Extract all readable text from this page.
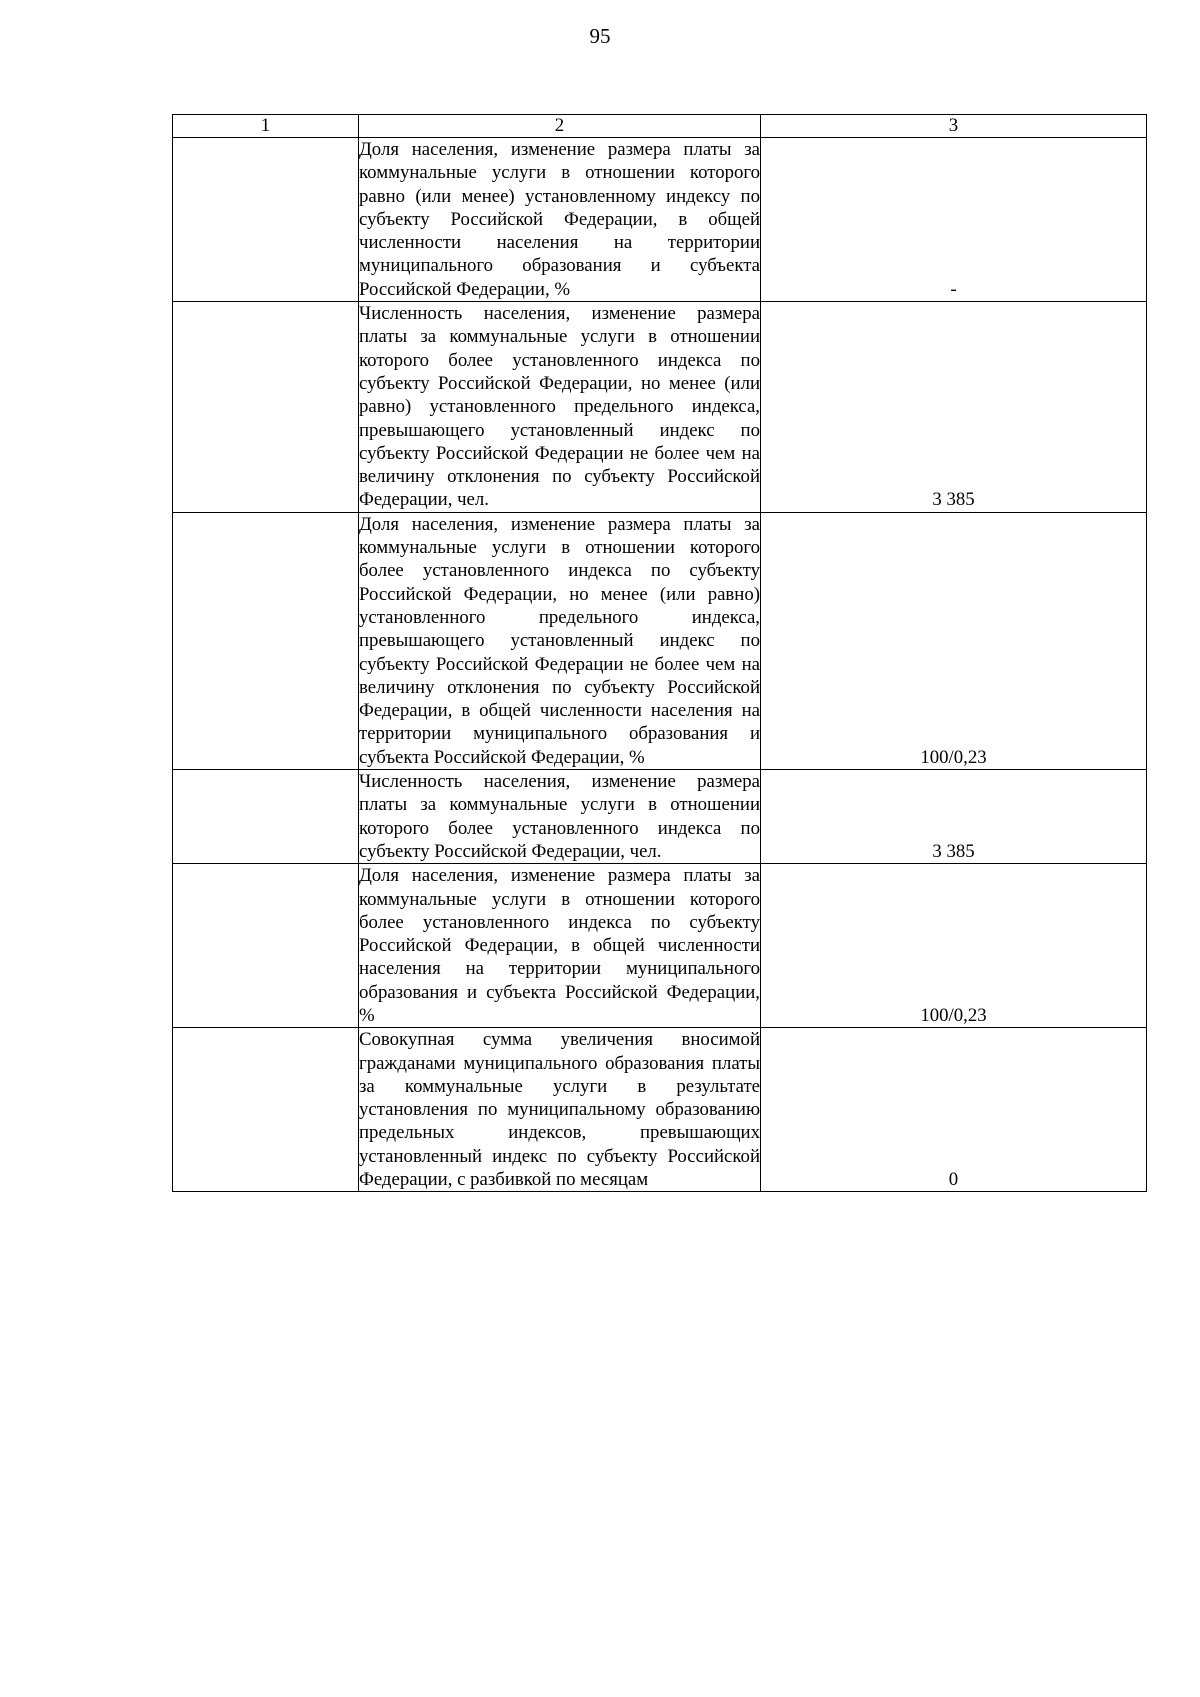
95
1	2	3
	Доля населения, изменение размера платы за коммунальные услуги в отношении которого равно (или менее) установленному индексу по субъекту Российской Федерации, в общей численности населения на территории муниципального образования и субъекта Российской Федерации, %	-
	Численность населения, изменение размера платы за коммунальные услуги в отношении которого более установленного индекса по субъекту Российской Федерации, но менее (или равно) установленного предельного индекса, превышающего установленный индекс по субъекту Российской Федерации не более чем на величину отклонения по субъекту Российской Федерации, чел.	3 385
	Доля населения, изменение размера платы за коммунальные услуги в отношении которого более установленного индекса по субъекту Российской Федерации, но менее (или равно) установленного предельного индекса, превышающего установленный индекс по субъекту Российской Федерации не более чем на величину отклонения по субъекту Российской Федерации, в общей численности населения на территории муниципального образования и субъекта Российской Федерации, %	100/0,23
	Численность населения, изменение размера платы за коммунальные услуги в отношении которого более установленного индекса по субъекту Российской Федерации, чел.	3 385
	Доля населения, изменение размера платы за коммунальные услуги в отношении которого более установленного индекса по субъекту Российской Федерации, в общей численности населения на территории муниципального образования и субъекта Российской Федерации, %	100/0,23
	Совокупная сумма увеличения вносимой гражданами муниципального образования платы за коммунальные услуги в результате установления по муниципальному образованию предельных индексов, превышающих установленный индекс по субъекту Российской Федерации, с разбивкой по месяцам	0
